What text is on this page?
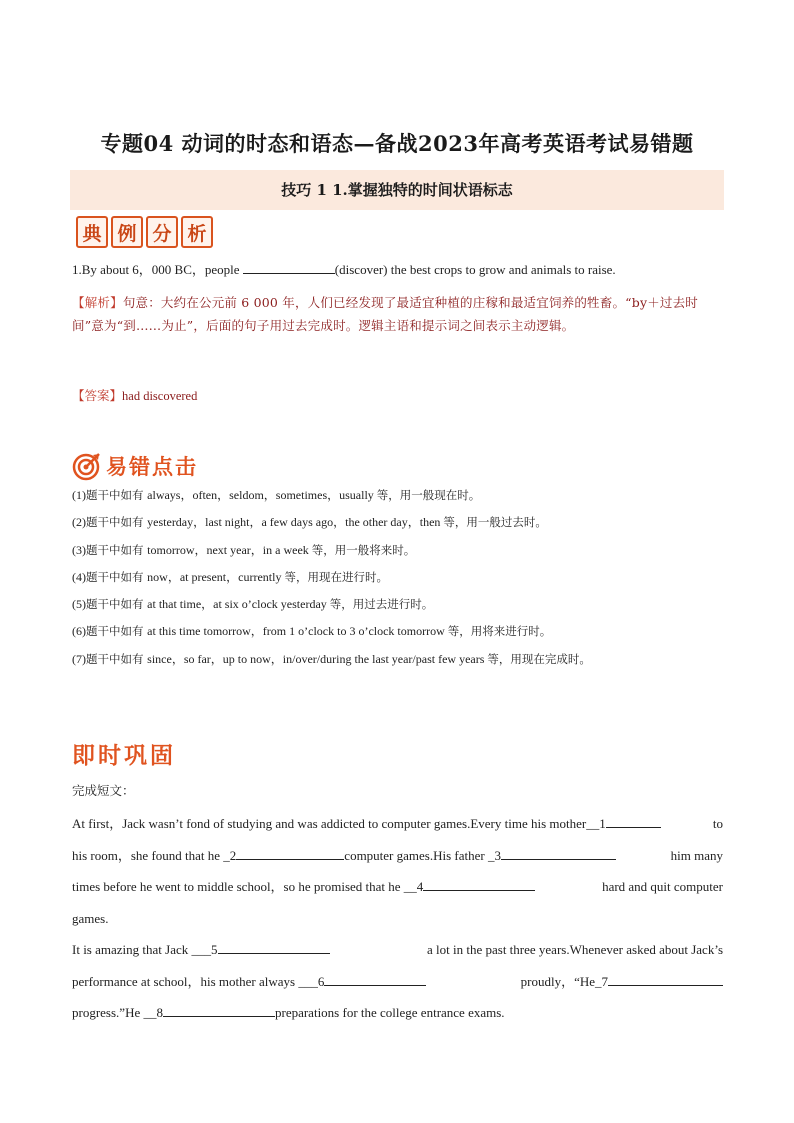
专题04 动词的时态和语态—备战2023年高考英语考试易错题
技巧 1 1.掌握独特的时间状语标志
典 例 分 析
1.By about 6，000 BC，people	(discover) the best crops to grow and animals to raise.
【解析】句意：大约在公元前 6 000 年，人们已经发现了最适宜种植的庄稼和最适宜饲养的牲畜。“by＋过去时间”意为“到……为止”，后面的句子用过去完成时。逻辑主语和提示词之间表示主动逻辑。
【答案】had discovered
易错点击
(1)题干中如有 always，often，seldom，sometimes，usually 等，用一般现在时。
(2)题干中如有 yesterday，last night，a few days ago，the other day，then 等，用一般过去时。
(3)题干中如有 tomorrow，next year，in a week 等，用一般将来时。
(4)题干中如有 now，at present，currently 等，用现在进行时。
(5)题干中如有 at that time，at six o’clock yesterday 等，用过去进行时。
(6)题干中如有 at this time tomorrow，from 1 o’clock to 3 o’clock tomorrow 等，用将来进行时。
(7)题干中如有 since，so far，up to now，in/over/during the last year/past few years 等，用现在完成时。
即时巩固
完成短文：
At first，Jack wasn’t fond of studying and was addicted to computer games.Every time his mother__1	to
his room，she found that he _2	computer games.His father _3	him many
times before he went to middle school，so he promised that he __4	hard and quit computer
games.
It is amazing that Jack ___5	a lot in the past three years.Whenever asked about Jack’s
performance at school，his mother always ___6	proudly，“He_7
progress.”He __8	preparations for the college entrance exams.
